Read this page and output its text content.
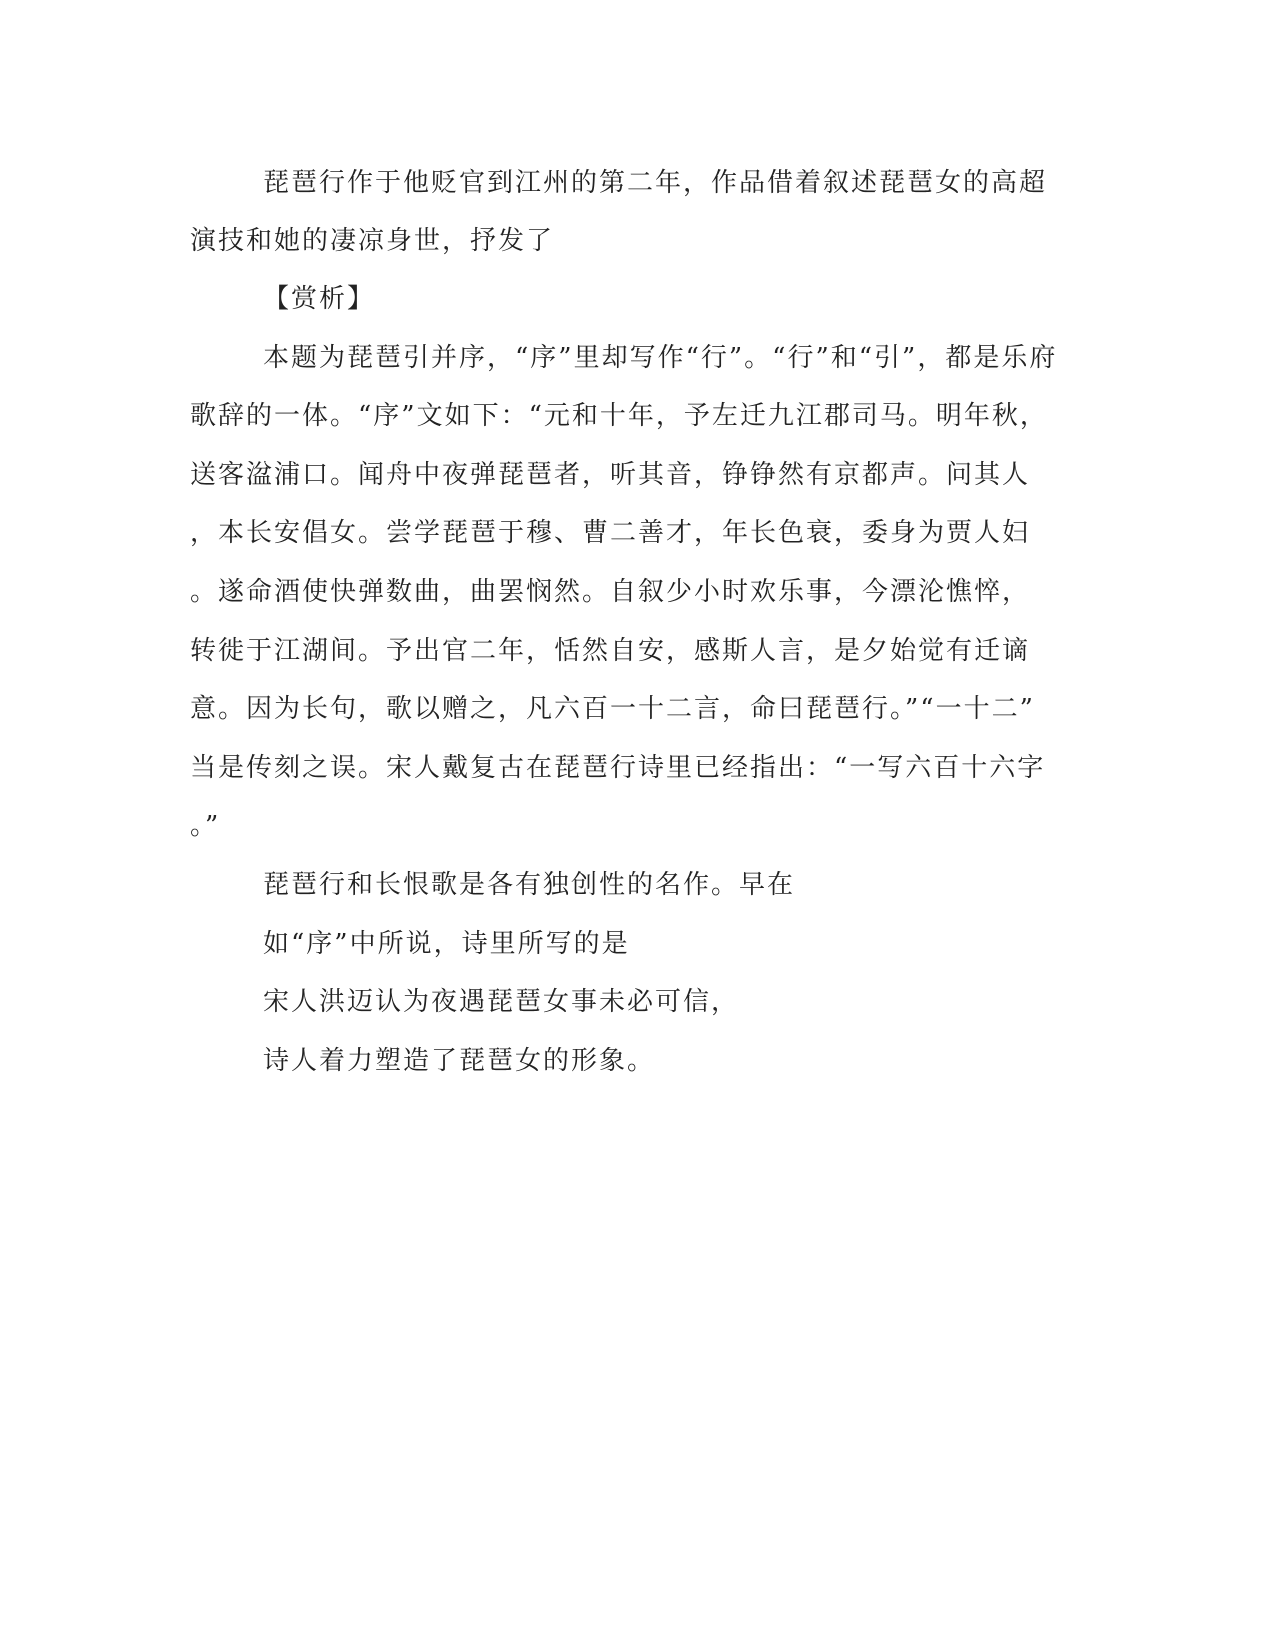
琵琶行作于他贬官到江州的第二年，作品借着叙述琵琶女的高超
演技和她的凄凉身世，抒发了
【赏析】
本题为琵琶引并序，“序”里却写作“行”。“行”和“引”，都是乐府
歌辞的一体。“序”文如下：“元和十年，予左迁九江郡司马。明年秋，
送客湓浦口。闻舟中夜弹琵琶者，听其音，铮铮然有京都声。问其人
，本长安倡女。尝学琵琶于穆、曹二善才，年长色衰，委身为贾人妇
。遂命酒使快弹数曲，曲罢悯然。自叙少小时欢乐事，今漂沦憔悴，
转徙于江湖间。予出官二年，恬然自安，感斯人言，是夕始觉有迁谪
意。因为长句，歌以赠之，凡六百一十二言，命曰琵琶行。”“一十二”
当是传刻之误。宋人戴复古在琵琶行诗里已经指出：“一写六百十六字
。”
琵琶行和长恨歌是各有独创性的名作。早在
如“序”中所说，诗里所写的是
宋人洪迈认为夜遇琵琶女事未必可信，
诗人着力塑造了琵琶女的形象。
